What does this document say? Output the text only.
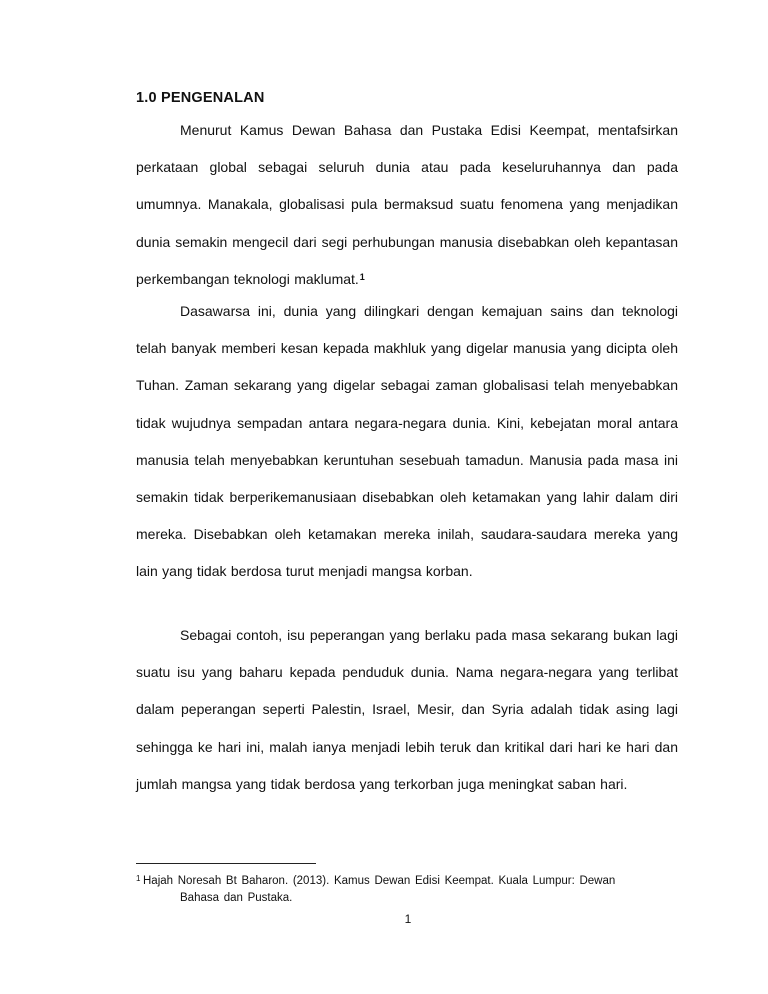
1.0 PENGENALAN

Menurut Kamus Dewan Bahasa dan Pustaka Edisi Keempat, mentafsirkan perkataan global sebagai seluruh dunia atau pada keseluruhannya dan pada umumnya. Manakala, globalisasi pula bermaksud suatu fenomena yang menjadikan dunia semakin mengecil dari segi perhubungan manusia disebabkan oleh kepantasan perkembangan teknologi maklumat.$^1$

Dasawarsa ini, dunia yang dilingkari dengan kemajuan sains dan teknologi telah banyak memberi kesan kepada makhluk yang digelar manusia yang dicipta oleh Tuhan. Zaman sekarang yang digelar sebagai zaman globalisasi telah menyebabkan tidak wujudnya sempadan antara negara-negara dunia. Kini, kebejatan moral antara manusia telah menyebabkan keruntuhan sesebuah tamadun. Manusia pada masa ini semakin tidak berperikemanusiaan disebabkan oleh ketamakan yang lahir dalam diri mereka. Disebabkan oleh ketamakan mereka inilah, saudara-saudara mereka yang lain yang tidak berdosa turut menjadi mangsa korban.

Sebagai contoh, isu peperangan yang berlaku pada masa sekarang bukan lagi suatu isu yang baharu kepada penduduk dunia. Nama negara-negara yang terlibat dalam peperangan seperti Palestin, Israel, Mesir, dan Syria adalah tidak asing lagi sehingga ke hari ini, malah ianya menjadi lebih teruk dan kritikal dari hari ke hari dan jumlah mangsa yang tidak berdosa yang terkorban juga meningkat saban hari.

1 Hajah Noresah Bt Baharon. (2013). Kamus Dewan Edisi Keempat. Kuala Lumpur: Dewan Bahasa dan Pustaka.
1
